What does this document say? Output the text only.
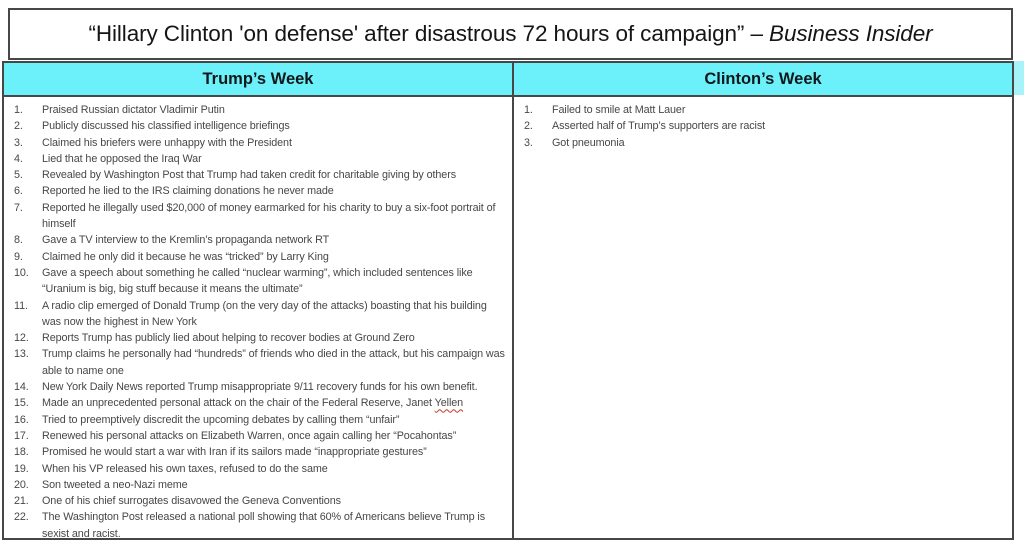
“Hillary Clinton 'on defense' after disastrous 72 hours of campaign” – Business Insider
Trump’s Week	Clinton’s Week
1. Praised Russian dictator Vladimir Putin
2. Publicly discussed his classified intelligence briefings
3. Claimed his briefers were unhappy with the President
4. Lied that he opposed the Iraq War
5. Revealed by Washington Post that Trump had taken credit for charitable giving by others
6. Reported he lied to the IRS claiming donations he never made
7. Reported he illegally used $20,000 of money earmarked for his charity to buy a six-foot portrait of himself
8. Gave a TV interview to the Kremlin’s propaganda network RT
9. Claimed he only did it because he was “tricked” by Larry King
10. Gave a speech about something he called “nuclear warming”, which included sentences like “Uranium is big, big stuff because it means the ultimate”
11. A radio clip emerged of Donald Trump (on the very day of the attacks) boasting that his building was now the highest in New York
12. Reports Trump has publicly lied about helping to recover bodies at Ground Zero
13. Trump claims he personally had “hundreds” of friends who died in the attack, but his campaign was able to name one
14. New York Daily News reported Trump misappropriate 9/11 recovery funds for his own benefit.
15. Made an unprecedented personal attack on the chair of the Federal Reserve, Janet Yellen
16. Tried to preemptively discredit the upcoming debates by calling them “unfair”
17. Renewed his personal attacks on Elizabeth Warren, once again calling her “Pocahontas”
18. Promised he would start a war with Iran if its sailors made “inappropriate gestures”
19. When his VP released his own taxes, refused to do the same
20. Son tweeted a neo-Nazi meme
21. One of his chief surrogates disavowed the Geneva Conventions
22. The Washington Post released a national poll showing that 60% of Americans believe Trump is sexist and racist.
1. Failed to smile at Matt Lauer
2. Asserted half of Trump’s supporters are racist
3. Got pneumonia
